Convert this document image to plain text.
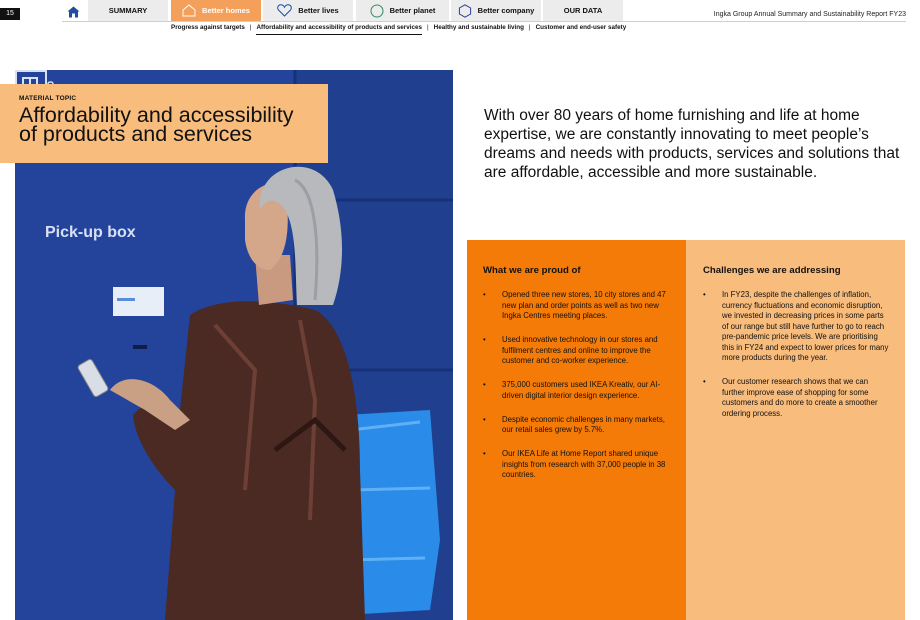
15	SUMMARY	Better homes	Better lives	Better planet	Better company	OUR DATA	Ingka Group Annual Summary and Sustainability Report FY23
Progress against targets | Affordability and accessibility of products and services | Healthy and sustainable living | Customer and end-user safety
Pick-up box
MATERIAL TOPIC
Affordability and accessibility
of products and services
With over 80 years of home furnishing and life at home expertise, we are constantly innovating to meet people’s dreams and needs with products, services and solutions that are affordable, accessible and more sustainable.
What we are proud of
• Opened three new stores, 10 city stores and 47 new plan and order points as well as two new Ingka Centres meeting places.
• Used innovative technology in our stores and fulfilment centres and online to improve the customer and co-worker experience.
• 375,000 customers used IKEA Kreativ, our AI-driven digital interior design experience.
• Despite economic challenges in many markets, our retail sales grew by 5.7%.
• Our IKEA Life at Home Report shared unique insights from research with 37,000 people in 38 countries.
Challenges we are addressing
• In FY23, despite the challenges of inflation, currency fluctuations and economic disruption, we invested in decreasing prices in some parts of our range but still have further to go to reach pre-pandemic price levels. We are prioritising this in FY24 and expect to lower prices for many more products during the year.
• Our customer research shows that we can further improve ease of shopping for some customers and do more to create a smoother ordering process.
